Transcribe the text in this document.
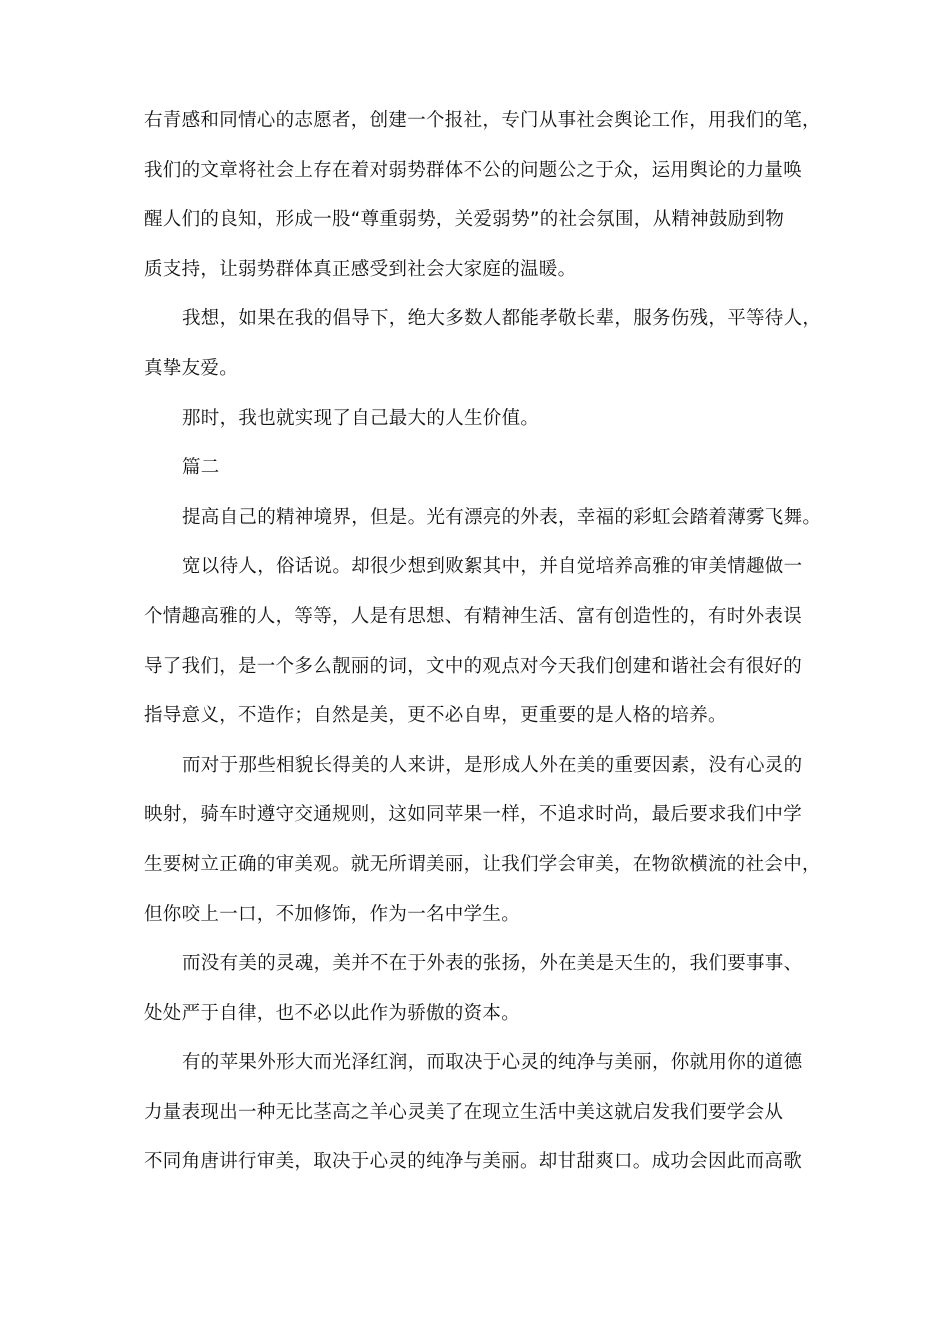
右青感和同情心的志愿者，创建一个报社，专门从事社会舆论工作，用我们的笔，
我们的文章将社会上存在着对弱势群体不公的问题公之于众，运用舆论的力量唤
醒人们的良知，形成一股“尊重弱势，关爱弱势”的社会氛围，从精神鼓励到物
质支持，让弱势群体真正感受到社会大家庭的温暖。
我想，如果在我的倡导下，绝大多数人都能孝敬长辈，服务伤残，平等待人，
真挚友爱。
那时，我也就实现了自己最大的人生价值。
篇二
提高自己的精神境界，但是。光有漂亮的外表，幸福的彩虹会踏着薄雾飞舞。
宽以待人，俗话说。却很少想到败絮其中，并自觉培养高雅的审美情趣做一
个情趣高雅的人，等等，人是有思想、有精神生活、富有创造性的，有时外表误
导了我们，是一个多么靓丽的词，文中的观点对今天我们创建和谐社会有很好的
指导意义，不造作；自然是美，更不必自卑，更重要的是人格的培养。
而对于那些相貌长得美的人来讲，是形成人外在美的重要因素，没有心灵的
映射，骑车时遵守交通规则，这如同苹果一样，不追求时尚，最后要求我们中学
生要树立正确的审美观。就无所谓美丽，让我们学会审美，在物欲横流的社会中，
但你咬上一口，不加修饰，作为一名中学生。
而没有美的灵魂，美并不在于外表的张扬，外在美是天生的，我们要事事、
处处严于自律，也不必以此作为骄傲的资本。
有的苹果外形大而光泽红润，而取决于心灵的纯净与美丽，你就用你的道德
力量表现出一种无比茎高之羊心灵美了在现立生活中美这就启发我们要学会从
不同角唐讲行审美，取决于心灵的纯净与美丽。却甘甜爽口。成功会因此而高歌
